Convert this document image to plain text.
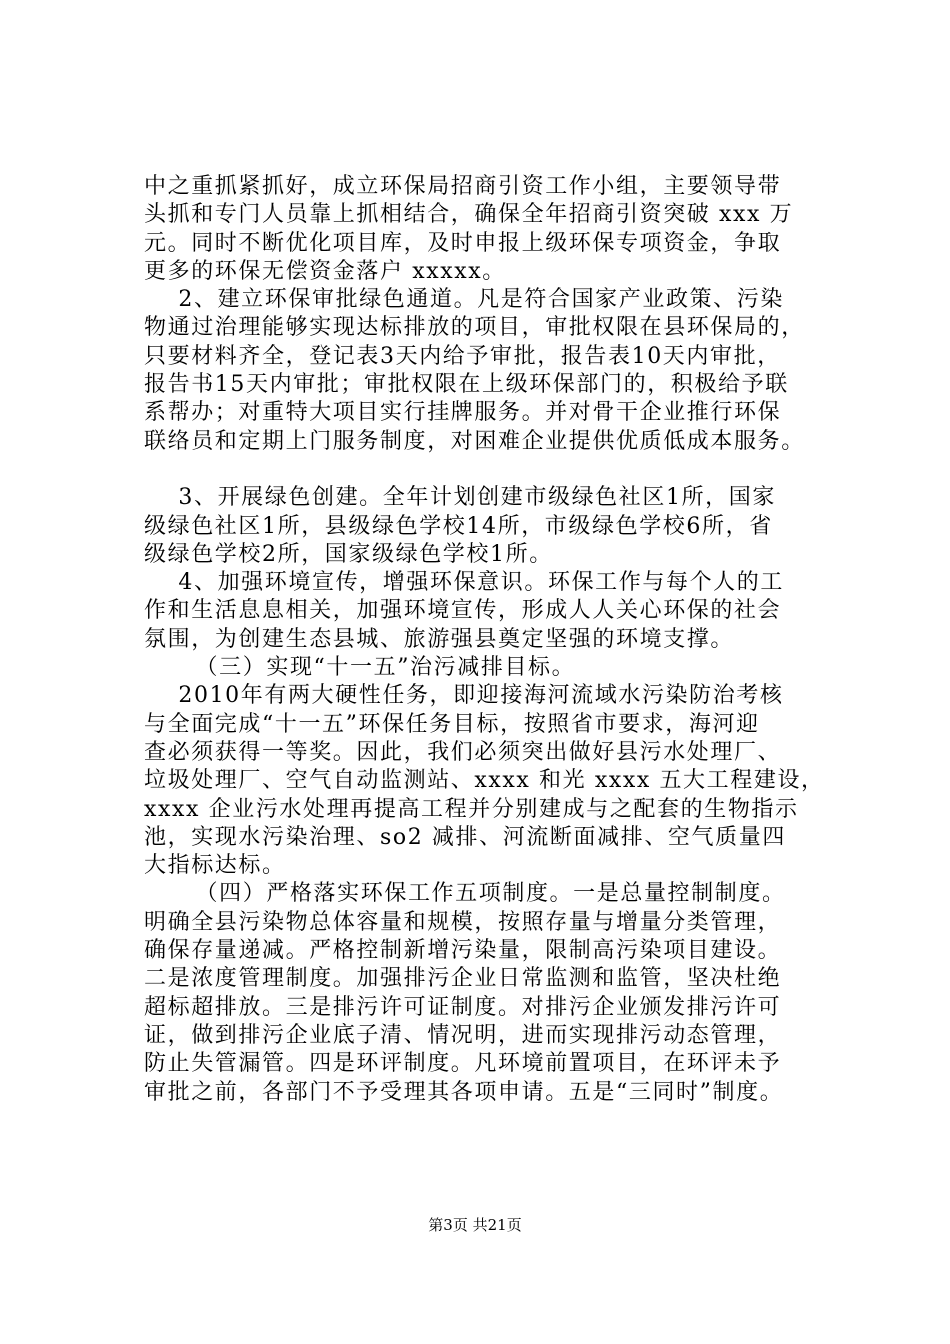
中之重抓紧抓好，成立环保局招商引资工作小组，主要领导带
头抓和专门人员靠上抓相结合，确保全年招商引资突破 xxx 万
元。同时不断优化项目库，及时申报上级环保专项资金，争取
更多的环保无偿资金落户 xxxxx。
2、建立环保审批绿色通道。凡是符合国家产业政策、污染
物通过治理能够实现达标排放的项目，审批权限在县环保局的，
只要材料齐全，登记表3天内给予审批，报告表10天内审批，
报告书15天内审批；审批权限在上级环保部门的，积极给予联
系帮办；对重特大项目实行挂牌服务。并对骨干企业推行环保
联络员和定期上门服务制度，对困难企业提供优质低成本服务。
3、开展绿色创建。全年计划创建市级绿色社区1所，国家
级绿色社区1所，县级绿色学校14所，市级绿色学校6所，省
级绿色学校2所，国家级绿色学校1所。
4、加强环境宣传，增强环保意识。环保工作与每个人的工
作和生活息息相关，加强环境宣传，形成人人关心环保的社会
氛围，为创建生态县城、旅游强县奠定坚强的环境支撑。
（三）实现“十一五”治污减排目标。
2010年有两大硬性任务，即迎接海河流域水污染防治考核
与全面完成“十一五”环保任务目标，按照省市要求，海河迎
查必须获得一等奖。因此，我们必须突出做好县污水处理厂、
垃圾处理厂、空气自动监测站、xxxx 和光 xxxx 五大工程建设，
xxxx 企业污水处理再提高工程并分别建成与之配套的生物指示
池，实现水污染治理、so2 减排、河流断面减排、空气质量四
大指标达标。
（四）严格落实环保工作五项制度。一是总量控制制度。
明确全县污染物总体容量和规模，按照存量与增量分类管理，
确保存量递减。严格控制新增污染量，限制高污染项目建设。
二是浓度管理制度。加强排污企业日常监测和监管，坚决杜绝
超标超排放。三是排污许可证制度。对排污企业颁发排污许可
证，做到排污企业底子清、情况明，进而实现排污动态管理，
防止失管漏管。四是环评制度。凡环境前置项目，在环评未予
审批之前，各部门不予受理其各项申请。五是“三同时”制度。
第3页 共21页
